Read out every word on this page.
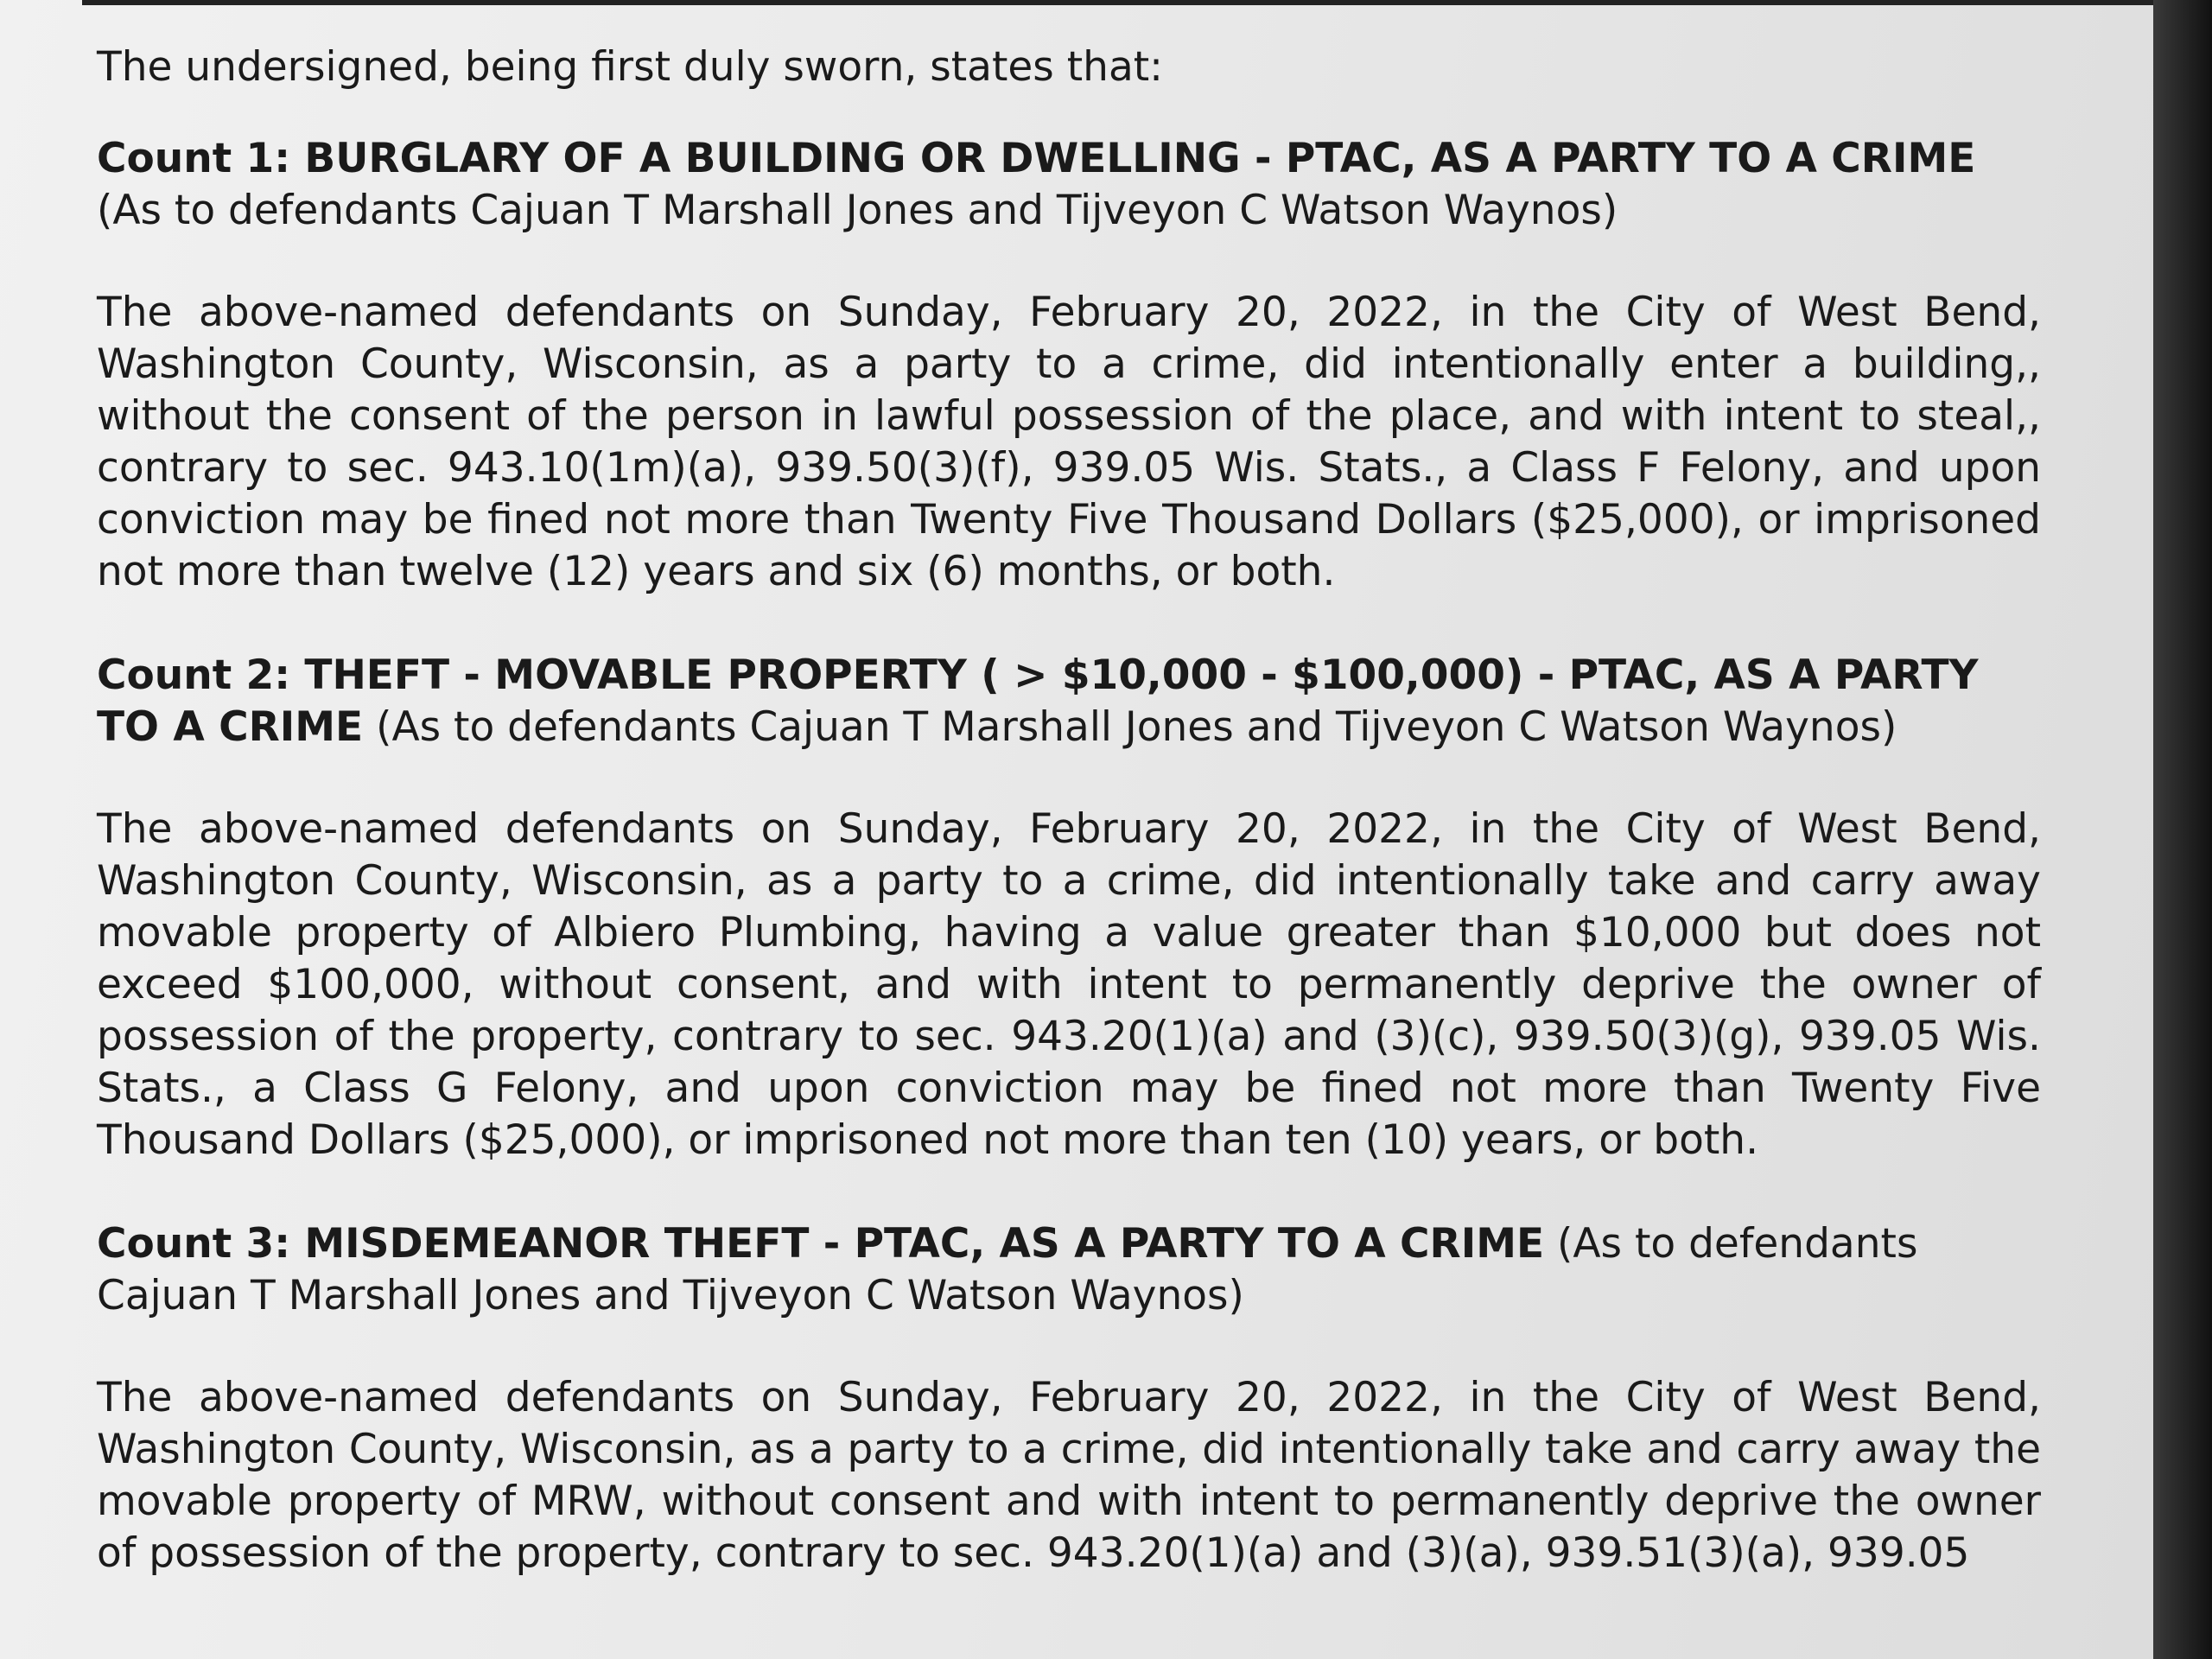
The undersigned, being first duly sworn, states that:

Count 1: BURGLARY OF A BUILDING OR DWELLING - PTAC, AS A PARTY TO A CRIME
(As to defendants Cajuan T Marshall Jones and Tijveyon C Watson Waynos)

The above-named defendants on Sunday, February 20, 2022, in the City of West Bend, Washington County, Wisconsin, as a party to a crime, did intentionally enter a building,, without the consent of the person in lawful possession of the place, and with intent to steal,, contrary to sec. 943.10(1m)(a), 939.50(3)(f), 939.05 Wis. Stats., a Class F Felony, and upon conviction may be fined not more than Twenty Five Thousand Dollars ($25,000), or imprisoned not more than twelve (12) years and six (6) months, or both.

Count 2: THEFT - MOVABLE PROPERTY ( > $10,000 - $100,000) - PTAC, AS A PARTY TO A CRIME (As to defendants Cajuan T Marshall Jones and Tijveyon C Watson Waynos)

The above-named defendants on Sunday, February 20, 2022, in the City of West Bend, Washington County, Wisconsin, as a party to a crime, did intentionally take and carry away movable property of Albiero Plumbing, having a value greater than $10,000 but does not exceed $100,000, without consent, and with intent to permanently deprive the owner of possession of the property, contrary to sec. 943.20(1)(a) and (3)(c), 939.50(3)(g), 939.05 Wis. Stats., a Class G Felony, and upon conviction may be fined not more than Twenty Five Thousand Dollars ($25,000), or imprisoned not more than ten (10) years, or both.

Count 3: MISDEMEANOR THEFT - PTAC, AS A PARTY TO A CRIME (As to defendants Cajuan T Marshall Jones and Tijveyon C Watson Waynos)

The above-named defendants on Sunday, February 20, 2022, in the City of West Bend, Washington County, Wisconsin, as a party to a crime, did intentionally take and carry away the movable property of MRW, without consent and with intent to permanently deprive the owner of possession of the property, contrary to sec. 943.20(1)(a) and (3)(a), 939.51(3)(a), 939.05
